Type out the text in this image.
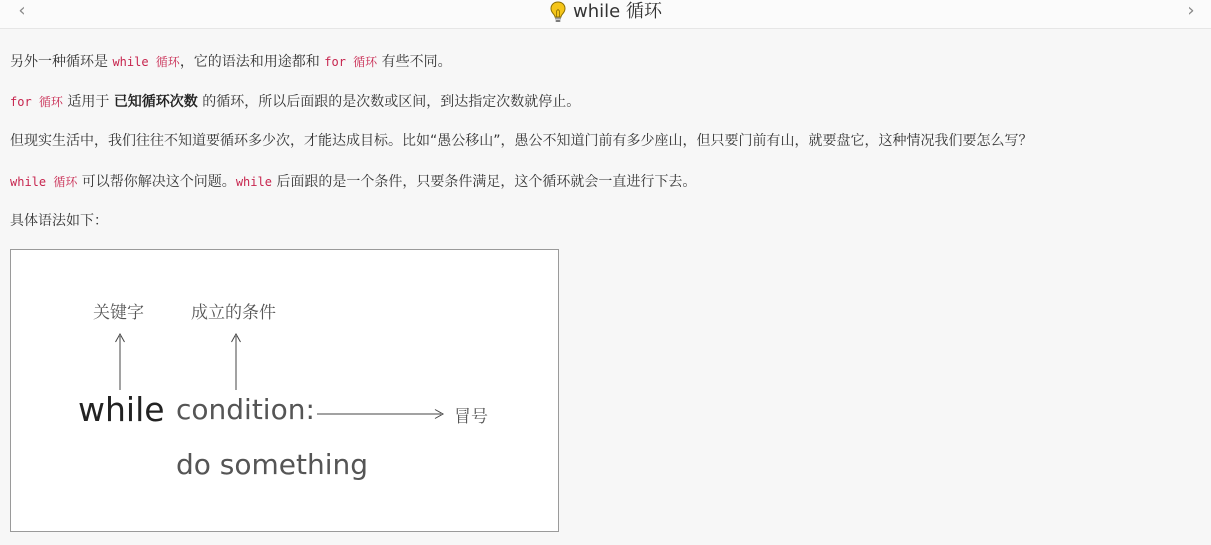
‹	while 循环	›

另外一种循环是 while 循环，它的语法和用途都和 for 循环 有些不同。

for 循环 适用于 已知循环次数 的循环，所以后面跟的是次数或区间，到达指定次数就停止。

但现实生活中，我们往往不知道要循环多少次，才能达成目标。比如“愚公移山”，愚公不知道门前有多少座山，但只要门前有山，就要盘它，这种情况我们要怎么写？

while 循环 可以帮你解决这个问题。while 后面跟的是一个条件，只要条件满足，这个循环就会一直进行下去。

具体语法如下：

关键字	成立的条件
while condition:	冒号
do something
